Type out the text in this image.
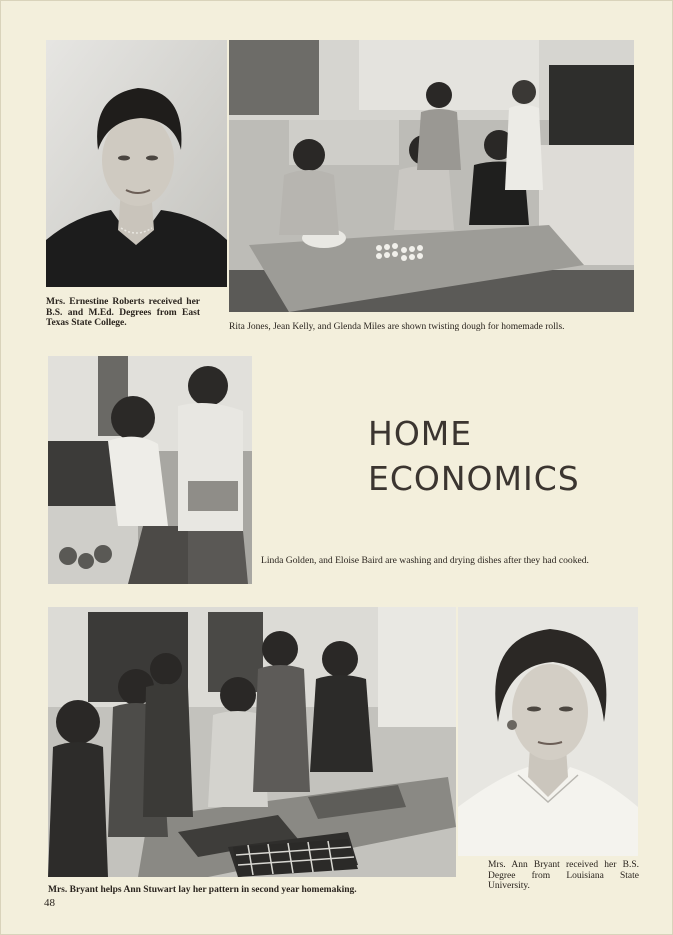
Mrs. Ernestine Roberts received her B.S. and M.Ed. Degrees from East Texas State College.	Rita Jones, Jean Kelly, and Glenda Miles are shown twisting dough for homemade rolls.
HOME
ECONOMICS
Linda Golden, and Eloise Baird are washing and drying dishes after they had cooked.
Mrs. Bryant helps Ann Stuwart lay her pattern in second year homemaking.
Mrs. Ann Bryant received her B.S. Degree from Louisiana State University.
48
